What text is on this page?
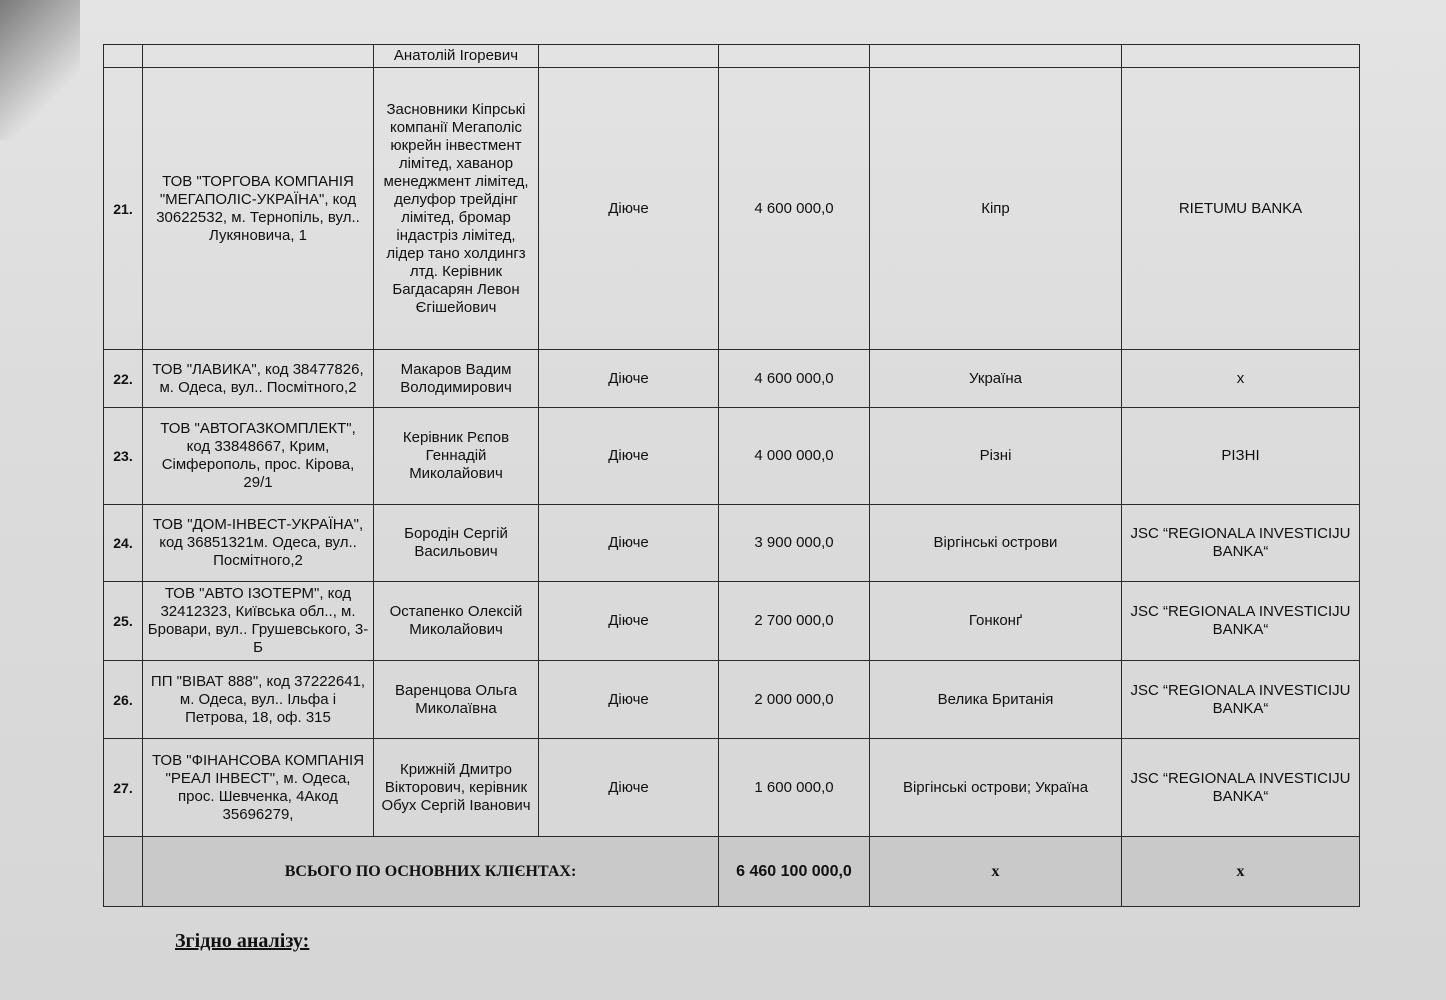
		Анатолій Ігоревич				
21.	ТОВ "ТОРГОВА КОМПАНІЯ "МЕГАПОЛІС-УКРАЇНА", код 30622532, м. Тернопіль, вул.. Лукяновича, 1	Засновники Кіпрські компанії Мегаполіс юкрейн інвестмент лімітед, хаванор менеджмент лімітед, делуфор трейдінг лімітед, бромар індастріз лімітед, лідер тано холдингз лтд. Керівник Багдасарян Левон Єгішейович	Діюче	4 600 000,0	Кіпр	RIETUMU BANKA
22.	ТОВ "ЛАВИКА", код 38477826, м. Одеса, вул.. Посмітного,2	Макаров Вадим Володимирович	Діюче	4 600 000,0	Україна	х
23.	ТОВ "АВТОГАЗКОМПЛЕКТ", код 33848667, Крим, Сімферополь, прос. Кірова, 29/1	Керівник Рєпов Геннадій Миколайович	Діюче	4 000 000,0	Різні	РІЗНІ
24.	ТОВ "ДОМ-ІНВЕСТ-УКРАЇНА", код 36851321м. Одеса, вул.. Посмітного,2	Бородін Сергій Васильович	Діюче	3 900 000,0	Віргінські острови	JSC “REGIONALA INVESTICIJU BANKA“
25.	ТОВ "АВТО ІЗОТЕРМ", код 32412323, Київська обл.., м. Бровари, вул.. Грушевського, 3-Б	Остапенко Олексій Миколайович	Діюче	2 700 000,0	Гонконґ	JSC “REGIONALA INVESTICIJU BANKA“
26.	ПП "ВІВАТ 888", код 37222641, м. Одеса, вул.. Ільфа і Петрова, 18, оф. 315	Варенцова Ольга Миколаївна	Діюче	2 000 000,0	Велика Британія	JSC “REGIONALA INVESTICIJU BANKA“
27.	ТОВ "ФІНАНСОВА КОМПАНІЯ "РЕАЛ ІНВЕСТ", м. Одеса, прос. Шевченка, 4Акод 35696279,	Крижній Дмитро Вікторович, керівник Обух Сергій Іванович	Діюче	1 600 000,0	Віргінські острови; Україна	JSC “REGIONALA INVESTICIJU BANKA“
	ВСЬОГО ПО ОСНОВНИХ КЛІЄНТАХ:			6 460 100 000,0	х	х
Згідно аналізу:
